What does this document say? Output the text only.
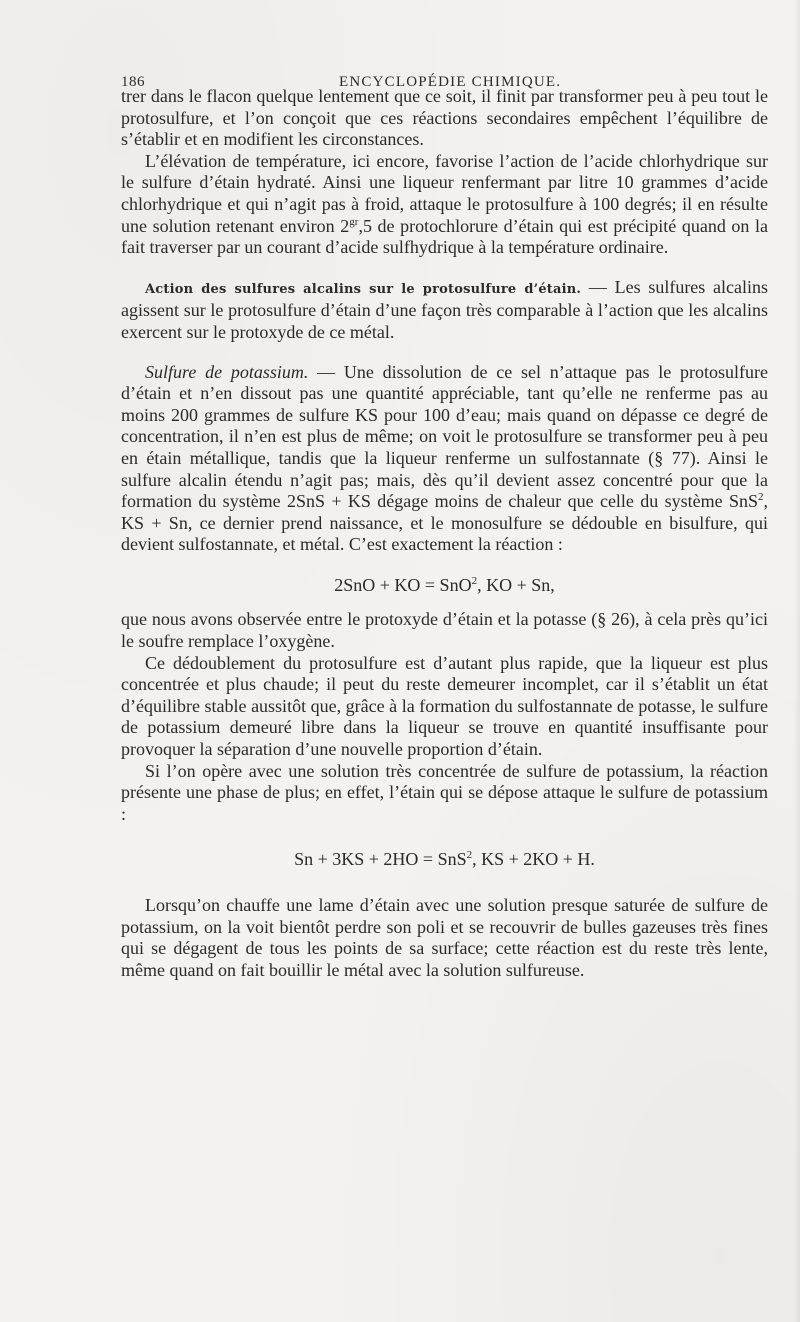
186	ENCYCLOPÉDIE CHIMIQUE.

trer dans le flacon quelque lentement que ce soit, il finit par transformer peu à peu tout le protosulfure, et l’on conçoit que ces réactions secondaires empêchent l’équilibre de s’établir et en modifient les circonstances.

L’élévation de température, ici encore, favorise l’action de l’acide chlorhydrique sur le sulfure d’étain hydraté. Ainsi une liqueur renfermant par litre 10 grammes d’acide chlorhydrique et qui n’agit pas à froid, attaque le protosulfure à 100 degrés; il en résulte une solution retenant environ $2^{gr},5$ de protochlorure d’étain qui est précipité quand on la fait traverser par un courant d’acide sulfhydrique à la température ordinaire.

Action des sulfures alcalins sur le protosulfure d’étain. — Les sulfures alcalins agissent sur le protosulfure d’étain d’une façon très comparable à l’action que les alcalins exercent sur le protoxyde de ce métal.

Sulfure de potassium. — Une dissolution de ce sel n’attaque pas le protosulfure d’étain et n’en dissout pas une quantité appréciable, tant qu’elle ne renferme pas au moins 200 grammes de sulfure KS pour 100 d’eau; mais quand on dépasse ce degré de concentration, il n’en est plus de même; on voit le protosulfure se transformer peu à peu en étain métallique, tandis que la liqueur renferme un sulfostannate (§ 77). Ainsi le sulfure alcalin étendu n’agit pas; mais, dès qu’il devient assez concentré pour que la formation du système 2SnS + KS dégage moins de chaleur que celle du système SnS$^2$, KS + Sn, ce dernier prend naissance, et le monosulfure se dédouble en bisulfure, qui devient sulfostannate, et métal. C’est exactement la réaction :

2SnO + KO = SnO$^2$, KO + Sn,

que nous avons observée entre le protoxyde d’étain et la potasse (§ 26), à cela près qu’ici le soufre remplace l’oxygène.

Ce dédoublement du protosulfure est d’autant plus rapide, que la liqueur est plus concentrée et plus chaude; il peut du reste demeurer incomplet, car il s’établit un état d’équilibre stable aussitôt que, grâce à la formation du sulfostannate de potasse, le sulfure de potassium demeuré libre dans la liqueur se trouve en quantité insuffisante pour provoquer la séparation d’une nouvelle proportion d’étain.

Si l’on opère avec une solution très concentrée de sulfure de potassium, la réaction présente une phase de plus; en effet, l’étain qui se dépose attaque le sulfure de potassium :

Sn + 3KS + 2HO = SnS$^2$, KS + 2KO + H.

Lorsqu’on chauffe une lame d’étain avec une solution presque saturée de sulfure de potassium, on la voit bientôt perdre son poli et se recouvrir de bulles gazeuses très fines qui se dégagent de tous les points de sa surface; cette réaction est du reste très lente, même quand on fait bouillir le métal avec la solution sulfureuse.
